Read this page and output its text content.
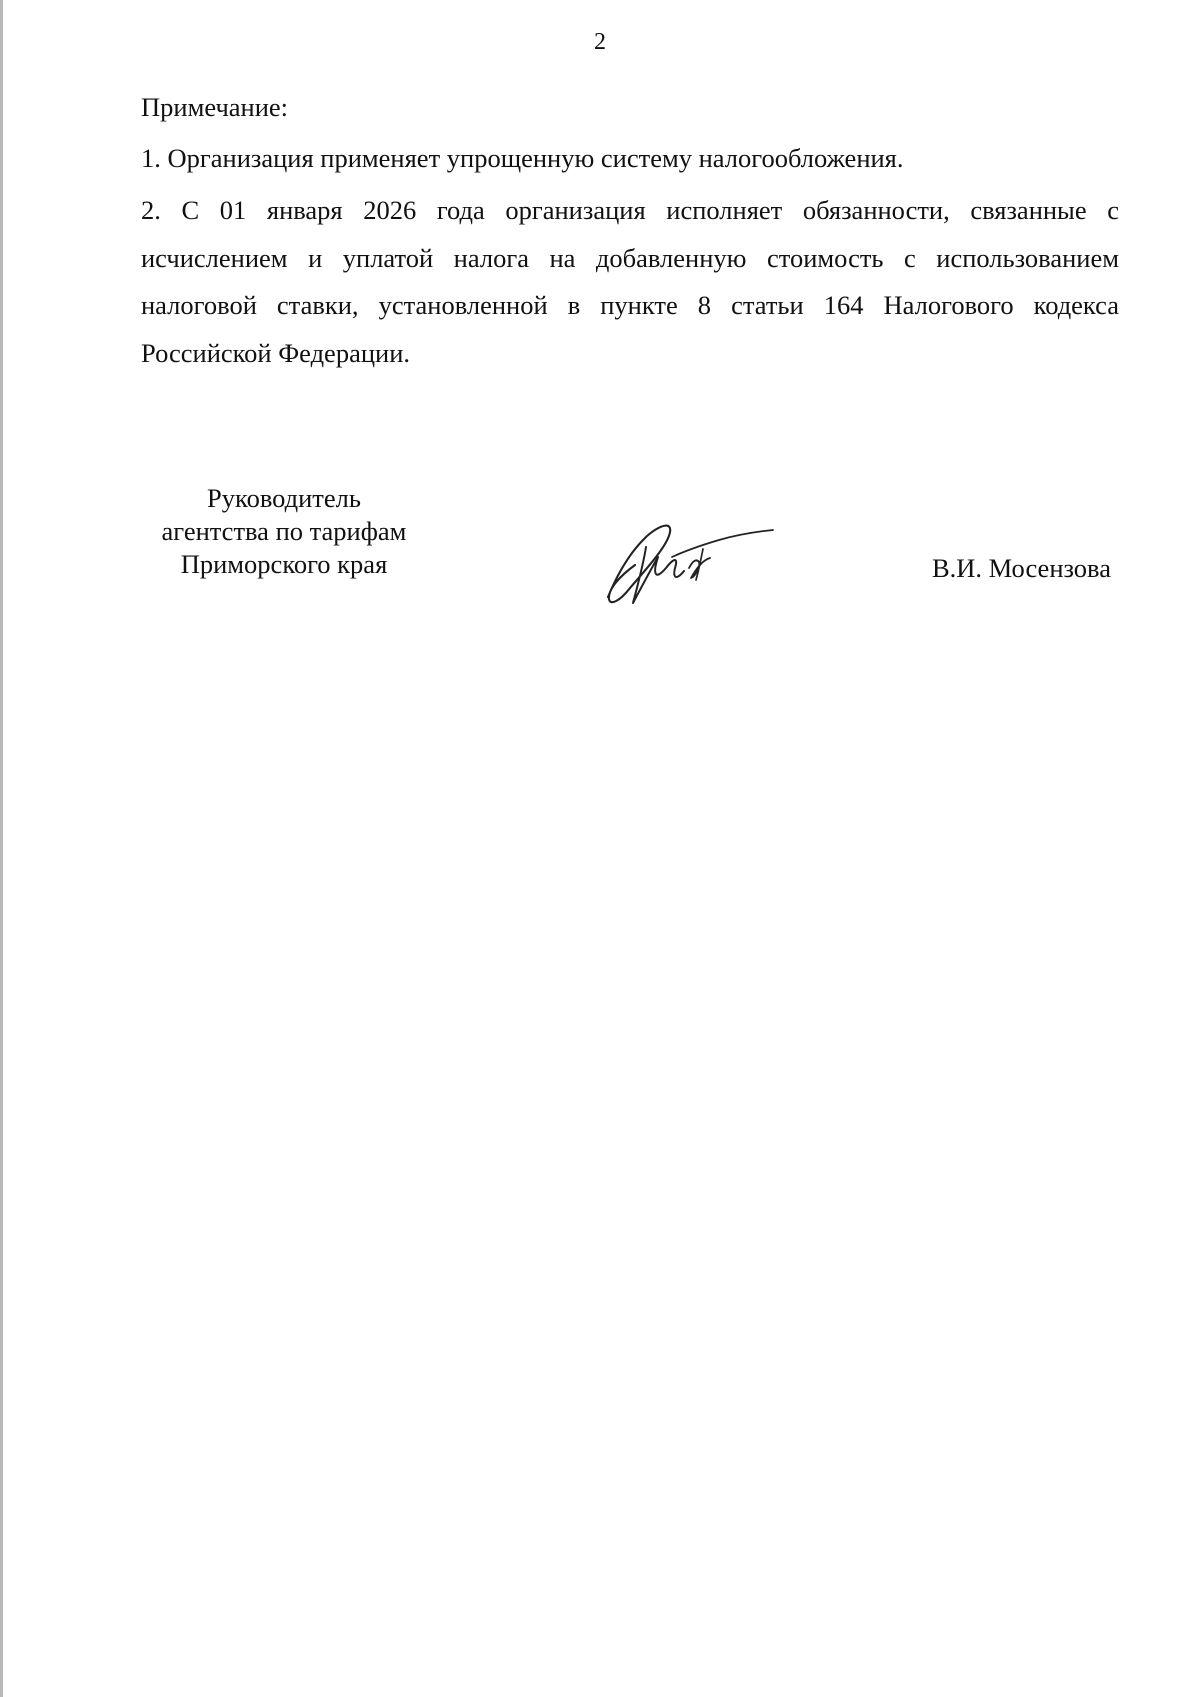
2
Примечание:
1. Организация применяет упрощенную систему налогообложения.
2. С 01 января 2026 года организация исполняет обязанности, связанные с исчислением и уплатой налога на добавленную стоимость с использованием налоговой ставки, установленной в пункте 8 статьи 164 Налогового кодекса Российской Федерации.
Руководитель
агентства по тарифам
Приморского края	В.И. Мосензова
